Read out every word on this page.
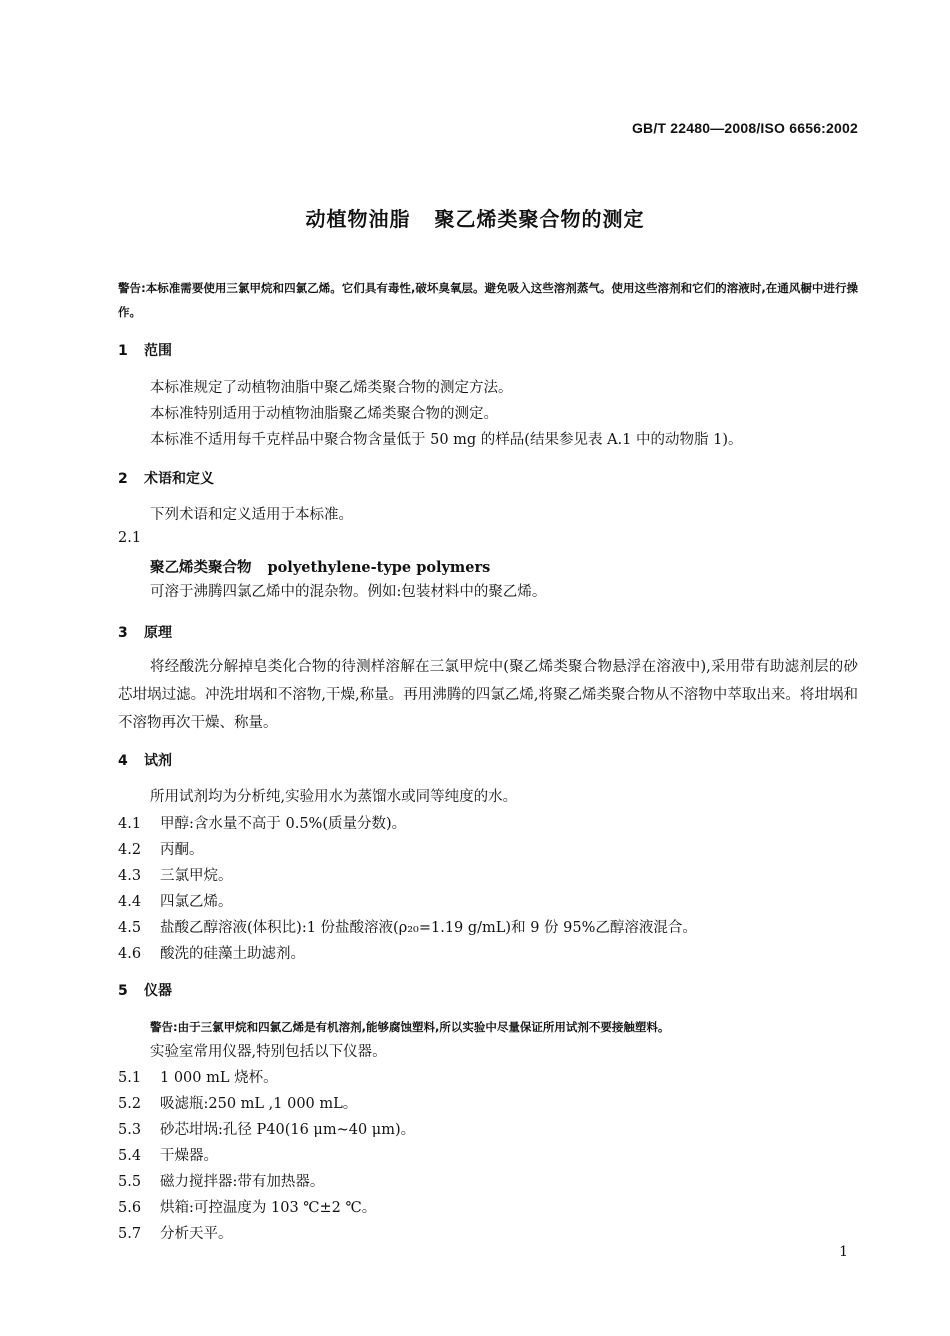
GB/T 22480—2008/ISO 6656:2002
动植物油脂 聚乙烯类聚合物的测定
警告:本标准需要使用三氯甲烷和四氯乙烯。它们具有毒性,破坏臭氧层。避免吸入这些溶剂蒸气。使用这些溶剂和它们的溶液时,在通风橱中进行操作。
1 范围
本标准规定了动植物油脂中聚乙烯类聚合物的测定方法。
本标准特别适用于动植物油脂聚乙烯类聚合物的测定。
本标准不适用每千克样品中聚合物含量低于 50 mg 的样品(结果参见表 A.1 中的动物脂 1)。
2 术语和定义
下列术语和定义适用于本标准。
2.1
聚乙烯类聚合物 polyethylene-type polymers
可溶于沸腾四氯乙烯中的混杂物。例如:包装材料中的聚乙烯。
3 原理
将经酸洗分解掉皂类化合物的待测样溶解在三氯甲烷中(聚乙烯类聚合物悬浮在溶液中),采用带有助滤剂层的砂芯坩埚过滤。冲洗坩埚和不溶物,干燥,称量。再用沸腾的四氯乙烯,将聚乙烯类聚合物从不溶物中萃取出来。将坩埚和不溶物再次干燥、称量。
4 试剂
所用试剂均为分析纯,实验用水为蒸馏水或同等纯度的水。
4.1 甲醇:含水量不高于 0.5%(质量分数)。
4.2 丙酮。
4.3 三氯甲烷。
4.4 四氯乙烯。
4.5 盐酸乙醇溶液(体积比):1 份盐酸溶液(ρ₂₀=1.19 g/mL)和 9 份 95%乙醇溶液混合。
4.6 酸洗的硅藻土助滤剂。
5 仪器
警告:由于三氯甲烷和四氯乙烯是有机溶剂,能够腐蚀塑料,所以实验中尽量保证所用试剂不要接触塑料。
实验室常用仪器,特别包括以下仪器。
5.1 1 000 mL 烧杯。
5.2 吸滤瓶:250 mL ,1 000 mL。
5.3 砂芯坩埚:孔径 P40(16 μm~40 μm)。
5.4 干燥器。
5.5 磁力搅拌器:带有加热器。
5.6 烘箱:可控温度为 103 ℃±2 ℃。
5.7 分析天平。
1
